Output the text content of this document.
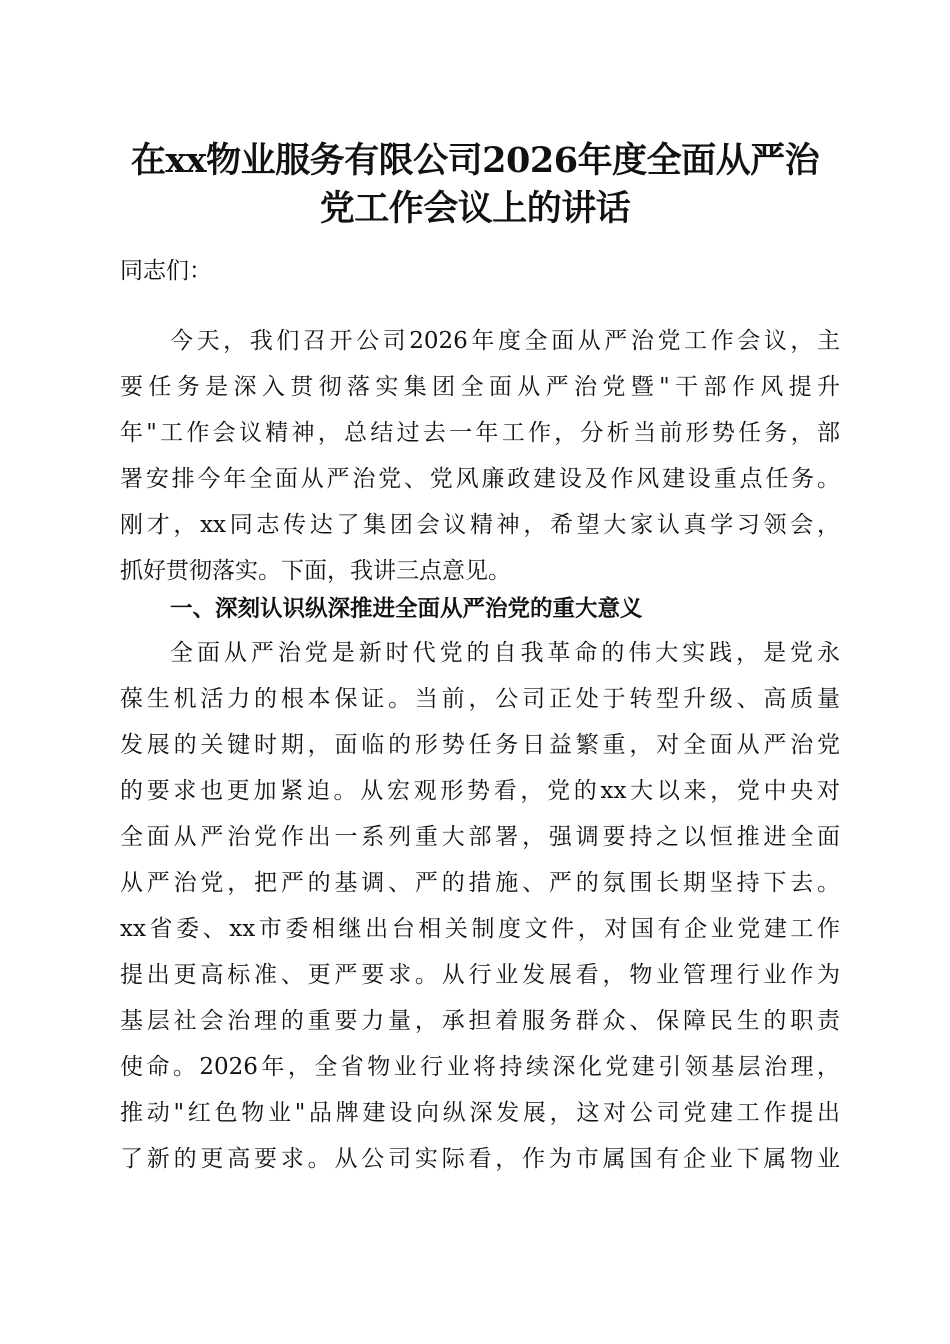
在xx物业服务有限公司2026年度全面从严治
党工作会议上的讲话
同志们：
今天，我们召开公司2026年度全面从严治党工作会议，主
要任务是深入贯彻落实集团全面从严治党暨"干部作风提升
年"工作会议精神，总结过去一年工作，分析当前形势任务，部
署安排今年全面从严治党、党风廉政建设及作风建设重点任务。
刚才，xx同志传达了集团会议精神，希望大家认真学习领会，
抓好贯彻落实。下面，我讲三点意见。
一、深刻认识纵深推进全面从严治党的重大意义
全面从严治党是新时代党的自我革命的伟大实践，是党永
葆生机活力的根本保证。当前，公司正处于转型升级、高质量
发展的关键时期，面临的形势任务日益繁重，对全面从严治党
的要求也更加紧迫。从宏观形势看，党的xx大以来，党中央对
全面从严治党作出一系列重大部署，强调要持之以恒推进全面
从严治党，把严的基调、严的措施、严的氛围长期坚持下去。
xx省委、xx市委相继出台相关制度文件，对国有企业党建工作
提出更高标准、更严要求。从行业发展看，物业管理行业作为
基层社会治理的重要力量，承担着服务群众、保障民生的职责
使命。2026年，全省物业行业将持续深化党建引领基层治理，
推动"红色物业"品牌建设向纵深发展，这对公司党建工作提出
了新的更高要求。从公司实际看，作为市属国有企业下属物业
